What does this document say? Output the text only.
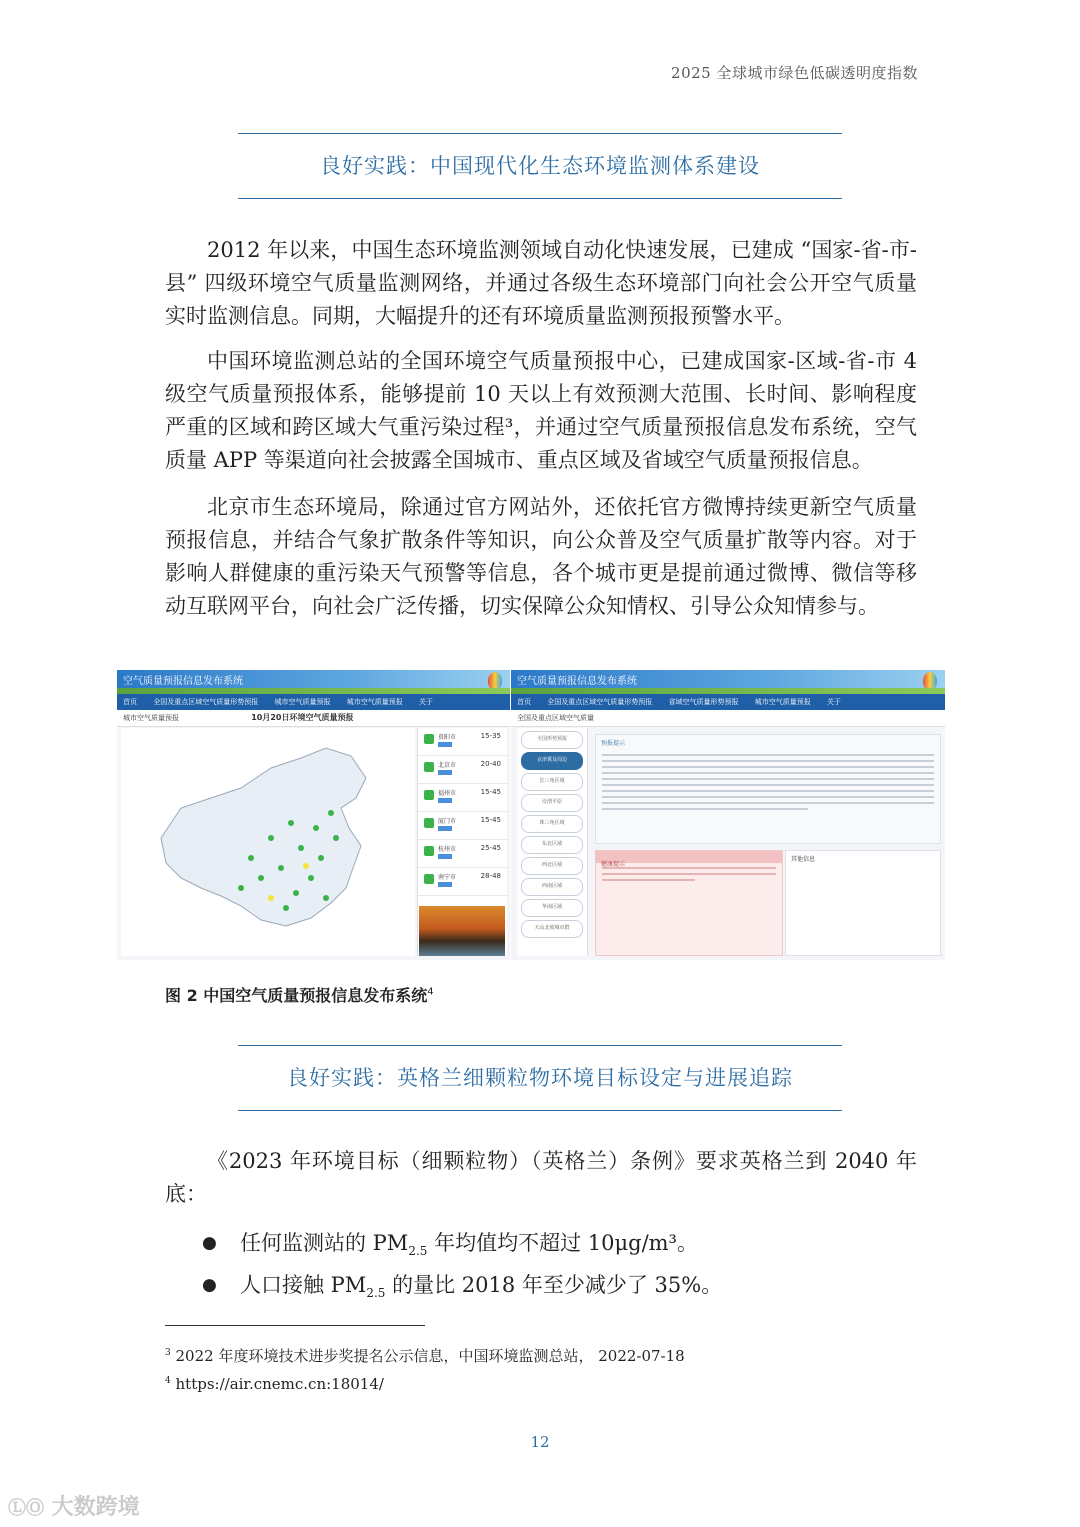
2025 全球城市绿色低碳透明度指数
良好实践：中国现代化生态环境监测体系建设

2012 年以来，中国生态环境监测领域自动化快速发展，已建成 “国家-省-市-县” 四级环境空气质量监测网络，并通过各级生态环境部门向社会公开空气质量实时监测信息。同期，大幅提升的还有环境质量监测预报预警水平。

中国环境监测总站的全国环境空气质量预报中心，已建成国家-区域-省-市 4 级空气质量预报体系，能够提前 10 天以上有效预测大范围、长时间、影响程度严重的区域和跨区域大气重污染过程³，并通过空气质量预报信息发布系统，空气质量 APP 等渠道向社会披露全国城市、重点区域及省域空气质量预报信息。

北京市生态环境局，除通过官方网站外，还依托官方微博持续更新空气质量预报信息，并结合气象扩散条件等知识，向公众普及空气质量扩散等内容。对于影响人群健康的重污染天气预警等信息，各个城市更是提前通过微博、微信等移动互联网平台，向社会广泛传播，切实保障公众知情权、引导公众知情参与。

空气质量预报信息发布系统
首页 全国及重点区域空气质量形势预报 城市空气质量预报 城市空气质量预报 关于
城市空气质量预报	10月20日环境空气质量预报
贵阳市	15-35
北京市	20-40
福州市	15-45
厦门市	15-45
杭州市	25-45
南宁市	28-48
空气质量预报信息发布系统
首页 全国及重点区域空气质量形势预报 省域空气质量形势预报 城市空气质量预报 关于
全国及重点区域空气质量
全国形势预报
京津冀及周边
长三角区域
汾渭平原
珠三角区域
东北区域
西北区域
西南区域
华南区域
天山北坡城市群
预报提示
健康提示
其他信息
图 2 中国空气质量预报信息发布系统$^4$
良好实践：英格兰细颗粒物环境目标设定与进展追踪

《2023 年环境目标（细颗粒物）（英格兰）条例》要求英格兰到 2040 年底：

● 任何监测站的 $PM_{2.5}$ 年均值均不超过 10μg/m³。
● 人口接触 $PM_{2.5}$ 的量比 2018 年至少减少了 35%。
$^3$ 2022 年度环境技术进步奖提名公示信息，中国环境监测总站， 2022-07-18
$^4$ https://air.cnemc.cn:18014/
12
ⓁⓄ 大数跨境
